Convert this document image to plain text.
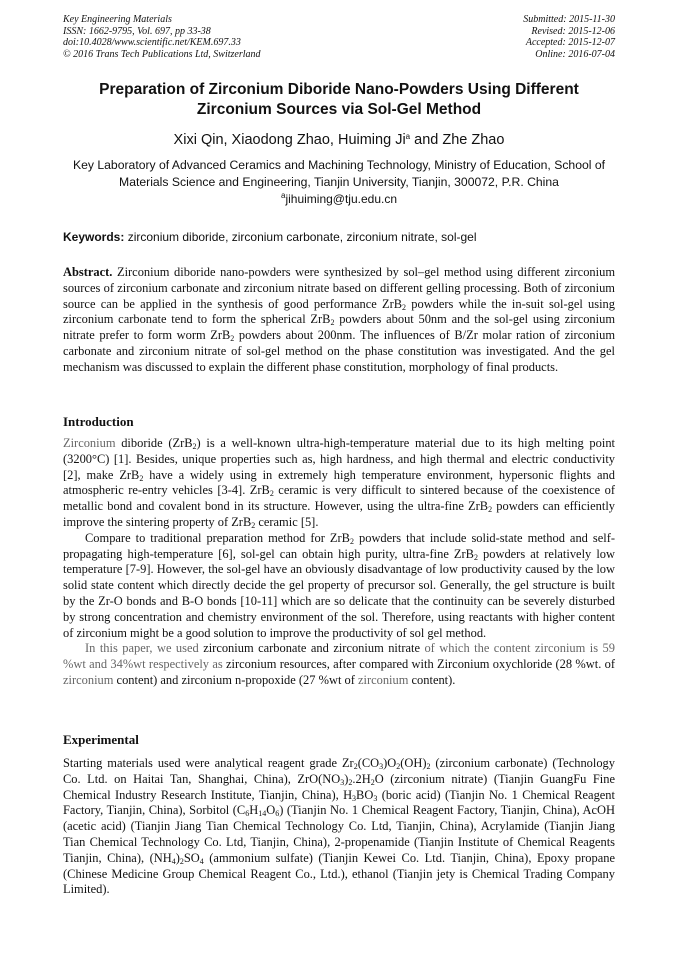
Key Engineering Materials
ISSN: 1662-9795, Vol. 697, pp 33-38
doi:10.4028/www.scientific.net/KEM.697.33
© 2016 Trans Tech Publications Ltd, Switzerland
Submitted: 2015-11-30
Revised: 2015-12-06
Accepted: 2015-12-07
Online: 2016-07-04
Preparation of Zirconium Diboride Nano-Powders Using Different
Zirconium Sources via Sol-Gel Method
Xixi Qin, Xiaodong Zhao, Huiming Ji$^a$ and Zhe Zhao
Key Laboratory of Advanced Ceramics and Machining Technology, Ministry of Education, School of Materials Science and Engineering, Tianjin University, Tianjin, 300072, P.R. China
$^a$jihuiming@tju.edu.cn
Keywords: zirconium diboride, zirconium carbonate, zirconium nitrate, sol-gel
Abstract. Zirconium diboride nano-powders were synthesized by sol–gel method using different zirconium sources of zirconium carbonate and zirconium nitrate based on different gelling processing. Both of zirconium source can be applied in the synthesis of good performance ZrB$_2$ powders while the in-suit sol-gel using zirconium carbonate tend to form the spherical ZrB$_2$ powders about 50nm and the sol-gel using zirconium nitrate prefer to form worm ZrB$_2$ powders about 200nm. The influences of B/Zr molar ration of zirconium carbonate and zirconium nitrate of sol-gel method on the phase constitution was investigated. And the gel mechanism was discussed to explain the different phase constitution, morphology of final products.
Introduction

Zirconium diboride (ZrB$_2$) is a well-known ultra-high-temperature material due to its high melting point (3200°C) [1]. Besides, unique properties such as, high hardness, and high thermal and electric conductivity [2], make ZrB$_2$ have a widely using in extremely high temperature environment, hypersonic flights and atmospheric re-entry vehicles [3-4]. ZrB$_2$ ceramic is very difficult to sintered because of the coexistence of metallic bond and covalent bond in its structure. However, using the ultra-fine ZrB$_2$ powders can efficiently improve the sintering property of ZrB$_2$ ceramic [5].

Compare to traditional preparation method for ZrB$_2$ powders that include solid-state method and self-propagating high-temperature [6], sol-gel can obtain high purity, ultra-fine ZrB$_2$ powders at relatively low temperature [7-9]. However, the sol-gel have an obviously disadvantage of low productivity caused by the low solid state content which directly decide the gel property of precursor sol. Generally, the gel structure is built by the Zr-O bonds and B-O bonds [10-11] which are so delicate that the continuity can be severely disturbed by strong concentration and chemistry environment of the sol. Therefore, using reactants with higher content of zirconium might be a good solution to improve the productivity of sol gel method.

In this paper, we used zirconium carbonate and zirconium nitrate of which the content zirconium is 59 %wt and 34%wt respectively as zirconium resources, after compared with Zirconium oxychloride (28 %wt. of zirconium content) and zirconium n-propoxide (27 %wt of zirconium content).

Experimental
Starting materials used were analytical reagent grade $Zr_2(CO_3)O_2(OH)_2$ (zirconium carbonate) (Technology Co. Ltd. on Haitai Tan, Shanghai, China), $ZrO(NO_3)_2.2H_2O$ (zirconium nitrate) (Tianjin GuangFu Fine Chemical Industry Research Institute, Tianjin, China), $H_3BO_3$ (boric acid) (Tianjin No. 1 Chemical Reagent Factory, Tianjin, China), Sorbitol $(C_6H_{14}O_6)$ (Tianjin No. 1 Chemical Reagent Factory, Tianjin, China), AcOH (acetic acid) (Tianjin Jiang Tian Chemical Technology Co. Ltd, Tianjin, China), Acrylamide (Tianjin Jiang Tian Chemical Technology Co. Ltd, Tianjin, China), 2-propenamide (Tianjin Institute of Chemical Reagents Tianjin, China), $(NH_4)_2SO_4$ (ammonium sulfate) (Tianjin Kewei Co. Ltd. Tianjin, China), Epoxy propane (Chinese Medicine Group Chemical Reagent Co., Ltd.), ethanol (Tianjin jety is Chemical Trading Company Limited).
